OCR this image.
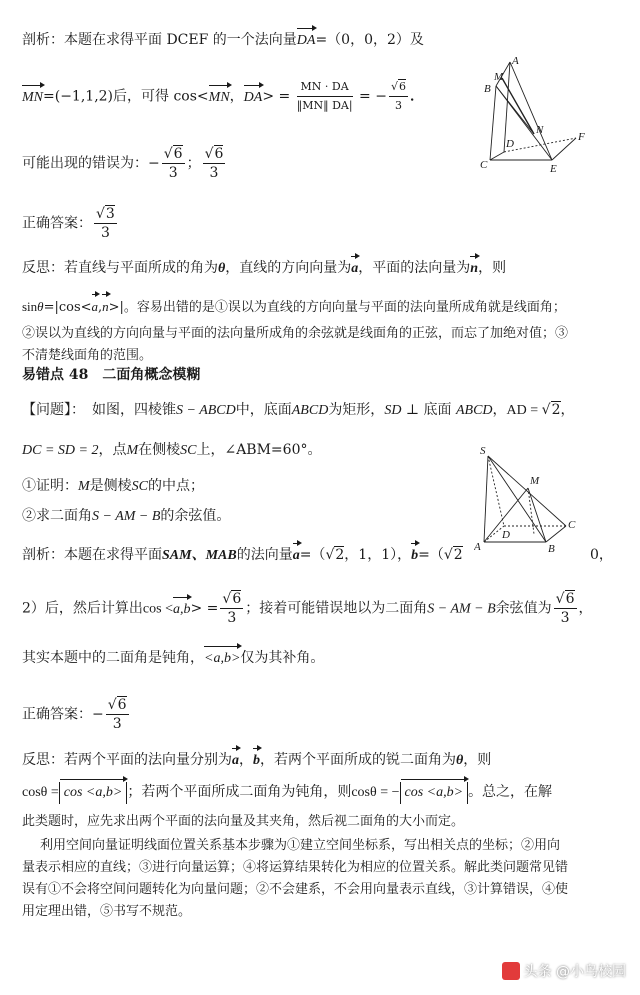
剖析：本题在求得平面 DCEF 的一个法向量DA=（0，0，2）及
MN=(−1,1,2)后，可得 cos<MN，$DA> = \frac{MN \cdot DA}{‖MN‖ DA|}$ = − $\frac{√6}{3}$ ．
可能出现的错误为：− $\frac{√6}{3}$ ； $\frac{√6}{3}$
正确答案： $\frac{√3}{3}$
反思：若直线与平面所成的角为θ，直线的方向向量为a，平面的法向量为n，则
sinθ=|cos<a,n>|。容易出错的是①误以为直线的方向向量与平面的法向量所成角就是线面角；
②误以为直线的方向向量与平面的法向量所成角的余弦就是线面角的正弦，而忘了加绝对值；③
不清楚线面角的范围。
A
M
B
D
N
F
C	E
易错点 48　二面角概念模糊
【问题】：　如图，四棱锥S − ABCD中，底面ABCD为矩形，SD ⊥ 底面 ABCD，AD = √2，
DC = SD = 2，点M在侧棱SC上，∠ABM=60°。
①证明：M是侧棱SC的中点；
②求二面角S − AM − B的余弦值。
剖析：本题在求得平面SAM、MAB的法向量a=（√2，1，1），b=（√2	0，
2）后，然后计算出$\cos <a,b> = \frac{√6}{3}$ ；接着可能错误地以为二面角S − AM − B余弦值为 $\frac{√6}{3}$ ，
其实本题中的二面角是钝角，<a,b>仅为其补角。
正确答案：− $\frac{√6}{3}$
反思：若两个平面的法向量分别为a，b，若两个平面所成的锐二面角为θ，则
cosθ = cos <a,b> ；若两个平面所成二面角为钝角，则cosθ = − cos <a,b> 。总之，在解
此类题时，应先求出两个平面的法向量及其夹角，然后视二面角的大小而定。
利用空间向量证明线面位置关系基本步骤为①建立空间坐标系，写出相关点的坐标；②用向
量表示相应的直线；③进行向量运算；④将运算结果转化为相应的位置关系。解此类问题常见错
误有①不会将空间问题转化为向量问题；②不会建系，不会用向量表示直线，③计算错误，④使
用定理出错，⑤书写不规范。
S
M
D
B
A
C
头条 @小鸟校园
